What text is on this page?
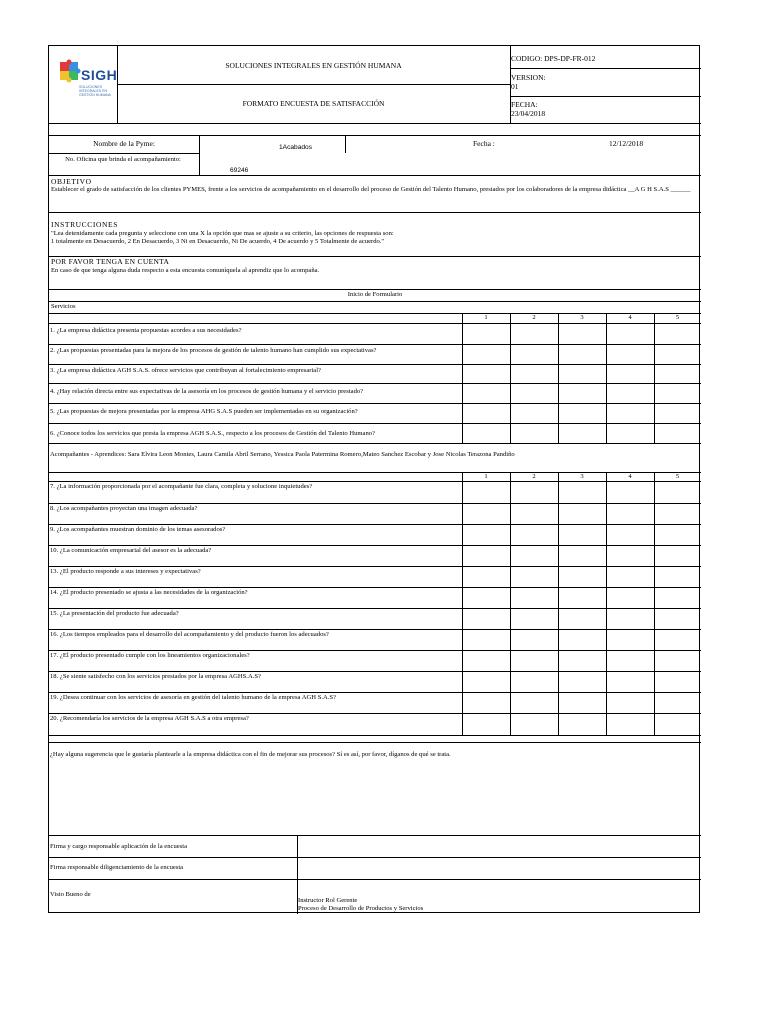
SIGH
SOLUCIONES INTEGRALES EN GESTIÓN HUMANA
SOLUCIONES INTEGRALES EN GESTIÓN HUMANA
FORMATO ENCUESTA DE SATISFACCIÓN
CODIGO: DPS-DP-FR-012
VERSION:
01
FECHA:
23/04/2018
Nombre de la Pyme:	1Acabados	Fecha :	12/12/2018
No. Oficina que brinda el acompañamiento:
69246
OBJETIVO
Establecer el grado de satisfacción de los clientes PYMES, frente a los servicios de acompañamiento en el desarrollo del proceso de Gestión del Talento Humano, prestados por los colaboradores de la empresa didáctica __A G H S.A.S ______
INSTRUCCIONES
"Lea detenidamente cada pregunta y seleccione con una X la opción que mas se ajuste a su criterio, las opciones de respuesta son:
1 totalmente en Desacuerdo, 2 En Desacuerdo, 3 Ni en Desacuerdo, Ni De acuerdo, 4 De acuerdo y 5 Totalmente de acuerdo."
POR FAVOR TENGA EN CUENTA
En caso de que tenga alguna duda respecto a esta encuesta comuníquela al aprendiz que lo acompaña.
Inicio de Formulario
Servicios
1	2	3	4	5
1. ¿La empresa didáctica presenta propuestas acordes a sus necesidades?
2. ¿Las propuestas presentadas para la mejora de los procesos de gestión de talento humano han cumplido sus expectativas?
3. ¿La empresa didáctica AGH S.A.S. ofrece servicios que contribuyan al fortalecimiento empresarial?
4. ¿Hay relación directa entre sus expectativas de la asesoría en los procesos de gestión humana y el servicio prestado?
5. ¿Las propuestas de mejora presentadas por la empresa AHG S.A.S pueden ser implementadas en su organización?
6. ¿Conoce todos los servicios que presta la empresa AGH S.A.S., respecto a los procesos de Gestión del Talento Humano?
Acompañantes - Aprendices: Sara Elvira Leon Montes, Laura Camila Abril Serrano, Yessica Paola Patermina Romero,Mateo Sanchez Escobar y Jose Nicolas Terazona Pandiño
1	2	3	4	5
7. ¿La información proporcionada por el acompañante fue clara, completa y solucione inquietudes?
8. ¿Los acompañantes proyectan una imagen adecuada?
9. ¿Los acompañantes muestran dominio de los temas asesorados?
10. ¿La comunicación empresarial del asesor es la adecuada?
13. ¿El producto responde a sus intereses y expectativas?
14. ¿El producto presentado se ajusta a las necesidades de la organización?
15. ¿La presentación del producto fue adecuada?
16. ¿Los tiempos empleados para el desarrollo del acompañamiento y del producto fueron los adecuados?
17. ¿El producto presentado cumple con los lineamientos organizacionales?
18. ¿Se siente satisfecho con los servicios prestados por la empresa AGHS.A.S?
19. ¿Desea continuar con los servicios de asesoría en gestión del talento humano de la empresa AGH S.A.S?
20. ¿Recomendaría los servicios de la empresa AGH S.A.S a otra empresa?
¿Hay alguna sugerencia que le gustaría plantearle a la empresa didáctica con el fin de mejorar sus procesos? Sí es así, por favor, díganos de qué se trata.
Firma y cargo responsable aplicación de la encuesta
Firma responsable diligenciamiento de la encuesta
Visto Bueno de
Instructor Rol Gerente
Proceso de Desarrollo de Productos y Servicios
